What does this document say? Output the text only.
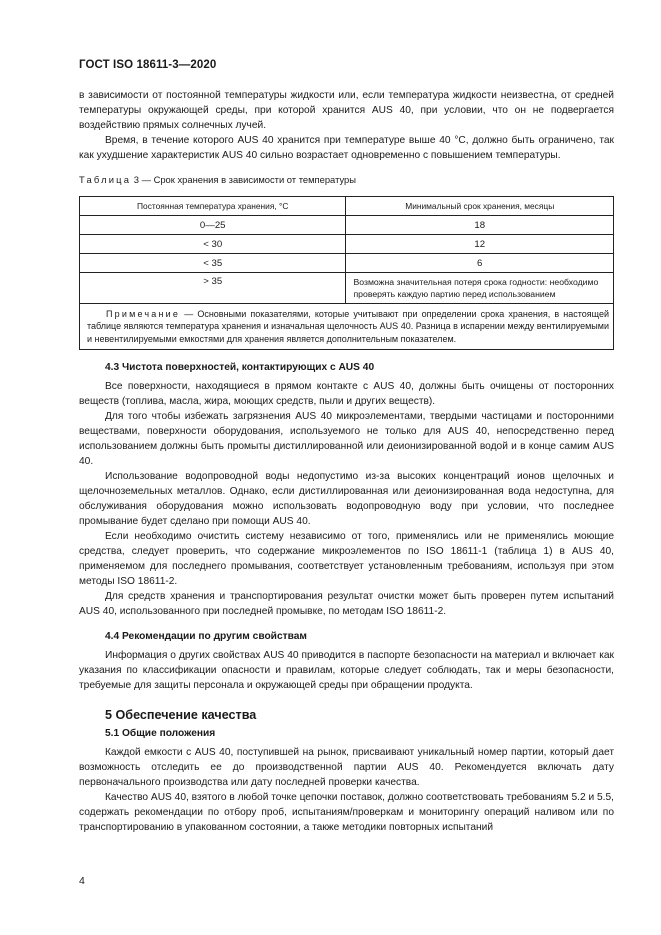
ГОСТ ISO 18611-3—2020

в зависимости от постоянной температуры жидкости или, если температура жидкости неизвестна, от средней температуры окружающей среды, при которой хранится AUS 40, при условии, что он не подвергается воздействию прямых солнечных лучей.

Время, в течение которого AUS 40 хранится при температуре выше 40 °C, должно быть ограничено, так как ухудшение характеристик AUS 40 сильно возрастает одновременно с повышением температуры.

Таблица 3 — Срок хранения в зависимости от температуры

Постоянная температура хранения, °C	Минимальный срок хранения, месяцы
0—25	18
< 30	12
< 35	6
> 35	Возможна значительная потеря срока годности: необходимо проверять каждую партию перед использованием
Примечание — Основными показателями, которые учитывают при определении срока хранения, в настоящей таблице являются температура хранения и изначальная щелочность AUS 40. Разница в испарении между вентилируемыми и невентилируемыми емкостями для хранения является дополнительным показателем.	
4.3 Чистота поверхностей, контактирующих с AUS 40

Все поверхности, находящиеся в прямом контакте с AUS 40, должны быть очищены от посторонних веществ (топлива, масла, жира, моющих средств, пыли и других веществ).

Для того чтобы избежать загрязнения AUS 40 микроэлементами, твердыми частицами и посторонними веществами, поверхности оборудования, используемого не только для AUS 40, непосредственно перед использованием должны быть промыты дистиллированной или деионизированной водой и в конце самим AUS 40.

Использование водопроводной воды недопустимо из-за высоких концентраций ионов щелочных и щелочноземельных металлов. Однако, если дистиллированная или деионизированная вода недоступна, для обслуживания оборудования можно использовать водопроводную воду при условии, что последнее промывание будет сделано при помощи AUS 40.

Если необходимо очистить систему независимо от того, применялись или не применялись моющие средства, следует проверить, что содержание микроэлементов по ISO 18611-1 (таблица 1) в AUS 40, применяемом для последнего промывания, соответствует установленным требованиям, используя при этом методы ISO 18611-2.

Для средств хранения и транспортирования результат очистки может быть проверен путем испытаний AUS 40, использованного при последней промывке, по методам ISO 18611-2.

4.4 Рекомендации по другим свойствам

Информация о других свойствах AUS 40 приводится в паспорте безопасности на материал и включает как указания по классификации опасности и правилам, которые следует соблюдать, так и меры безопасности, требуемые для защиты персонала и окружающей среды при обращении продукта.

5 Обеспечение качества
5.1 Общие положения

Каждой емкости с AUS 40, поступившей на рынок, присваивают уникальный номер партии, который дает возможность отследить ее до производственной партии AUS 40. Рекомендуется включать дату первоначального производства или дату последней проверки качества.

Качество AUS 40, взятого в любой точке цепочки поставок, должно соответствовать требованиям 5.2 и 5.5, содержать рекомендации по отбору проб, испытаниям/проверкам и мониторингу операций наливом или по транспортированию в упакованном состоянии, а также методики повторных испытаний

4
